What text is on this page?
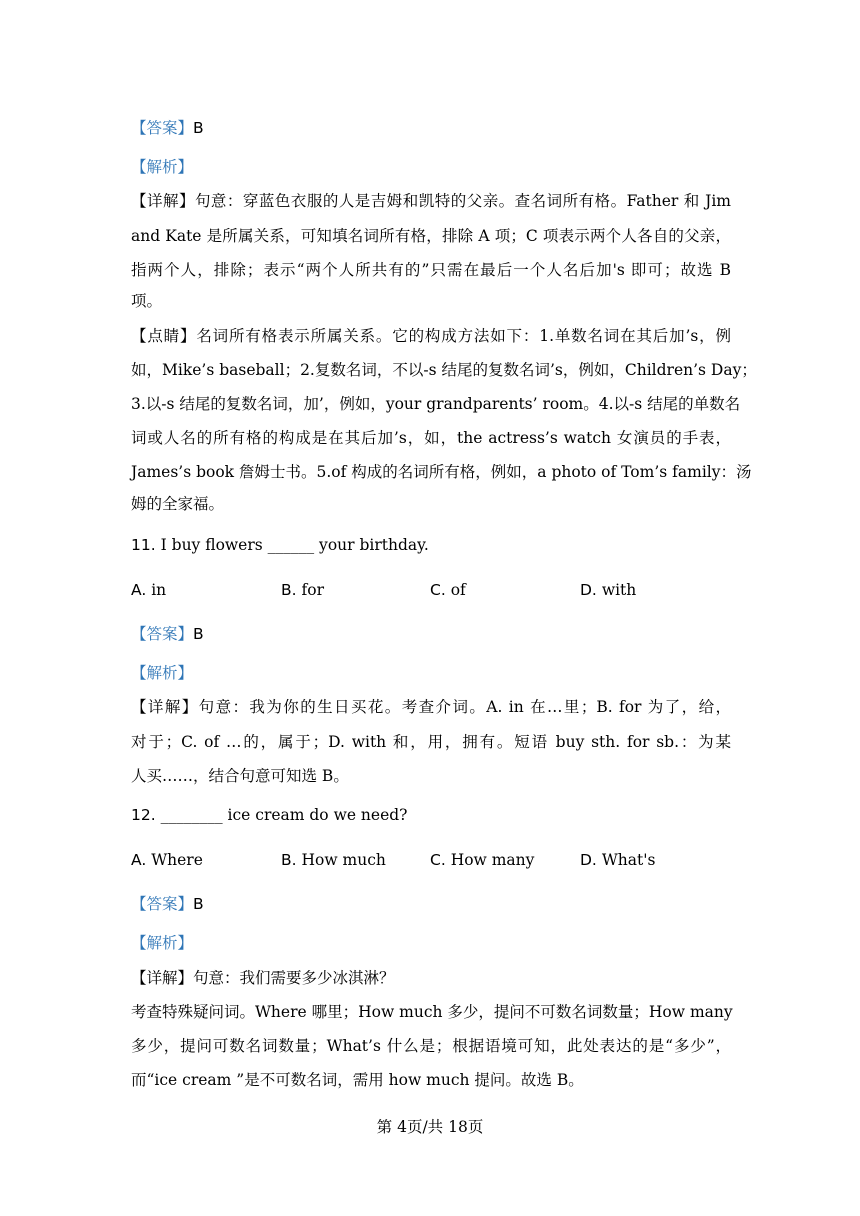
【答案】B
【解析】
【详解】句意：穿蓝色衣服的人是吉姆和凯特的父亲。查名词所有格。Father 和 Jim
and Kate 是所属关系，可知填名词所有格，排除 A 项；C 项表示两个人各自的父亲，
指两个人，排除；表示“两个人所共有的”只需在最后一个人名后加's 即可；故选 B
项。
【点睛】名词所有格表示所属关系。它的构成方法如下：1.单数名词在其后加’s，例
如，Mike’s baseball；2.复数名词，不以-s 结尾的复数名词’s，例如，Children’s Day；
3.以-s 结尾的复数名词，加’，例如，your grandparents’ room。4.以-s 结尾的单数名
词或人名的所有格的构成是在其后加’s，如，the actress’s watch 女演员的手表，
James’s book 詹姆士书。5.of 构成的名词所有格，例如，a photo of Tom’s family：汤
姆的全家福。
11. I buy flowers ______ your birthday.
A. in	B. for	C. of	D. with
【答案】B
【解析】
【详解】句意：我为你的生日买花。考查介词。A. in 在…里；B. for 为了，给，
对于；C. of …的，属于；D. with 和，用，拥有。短语 buy sth. for sb.：为某
人买……，结合句意可知选 B。
12. ________ ice cream do we need?
A. Where	B. How much	C. How many	D. What's
【答案】B
【解析】
【详解】句意：我们需要多少冰淇淋？
考查特殊疑问词。Where 哪里；How much 多少，提问不可数名词数量；How many
多少，提问可数名词数量；What’s 什么是；根据语境可知，此处表达的是“多少”，
而“ice cream ”是不可数名词，需用 how much 提问。故选 B。
第 4页/共 18页
